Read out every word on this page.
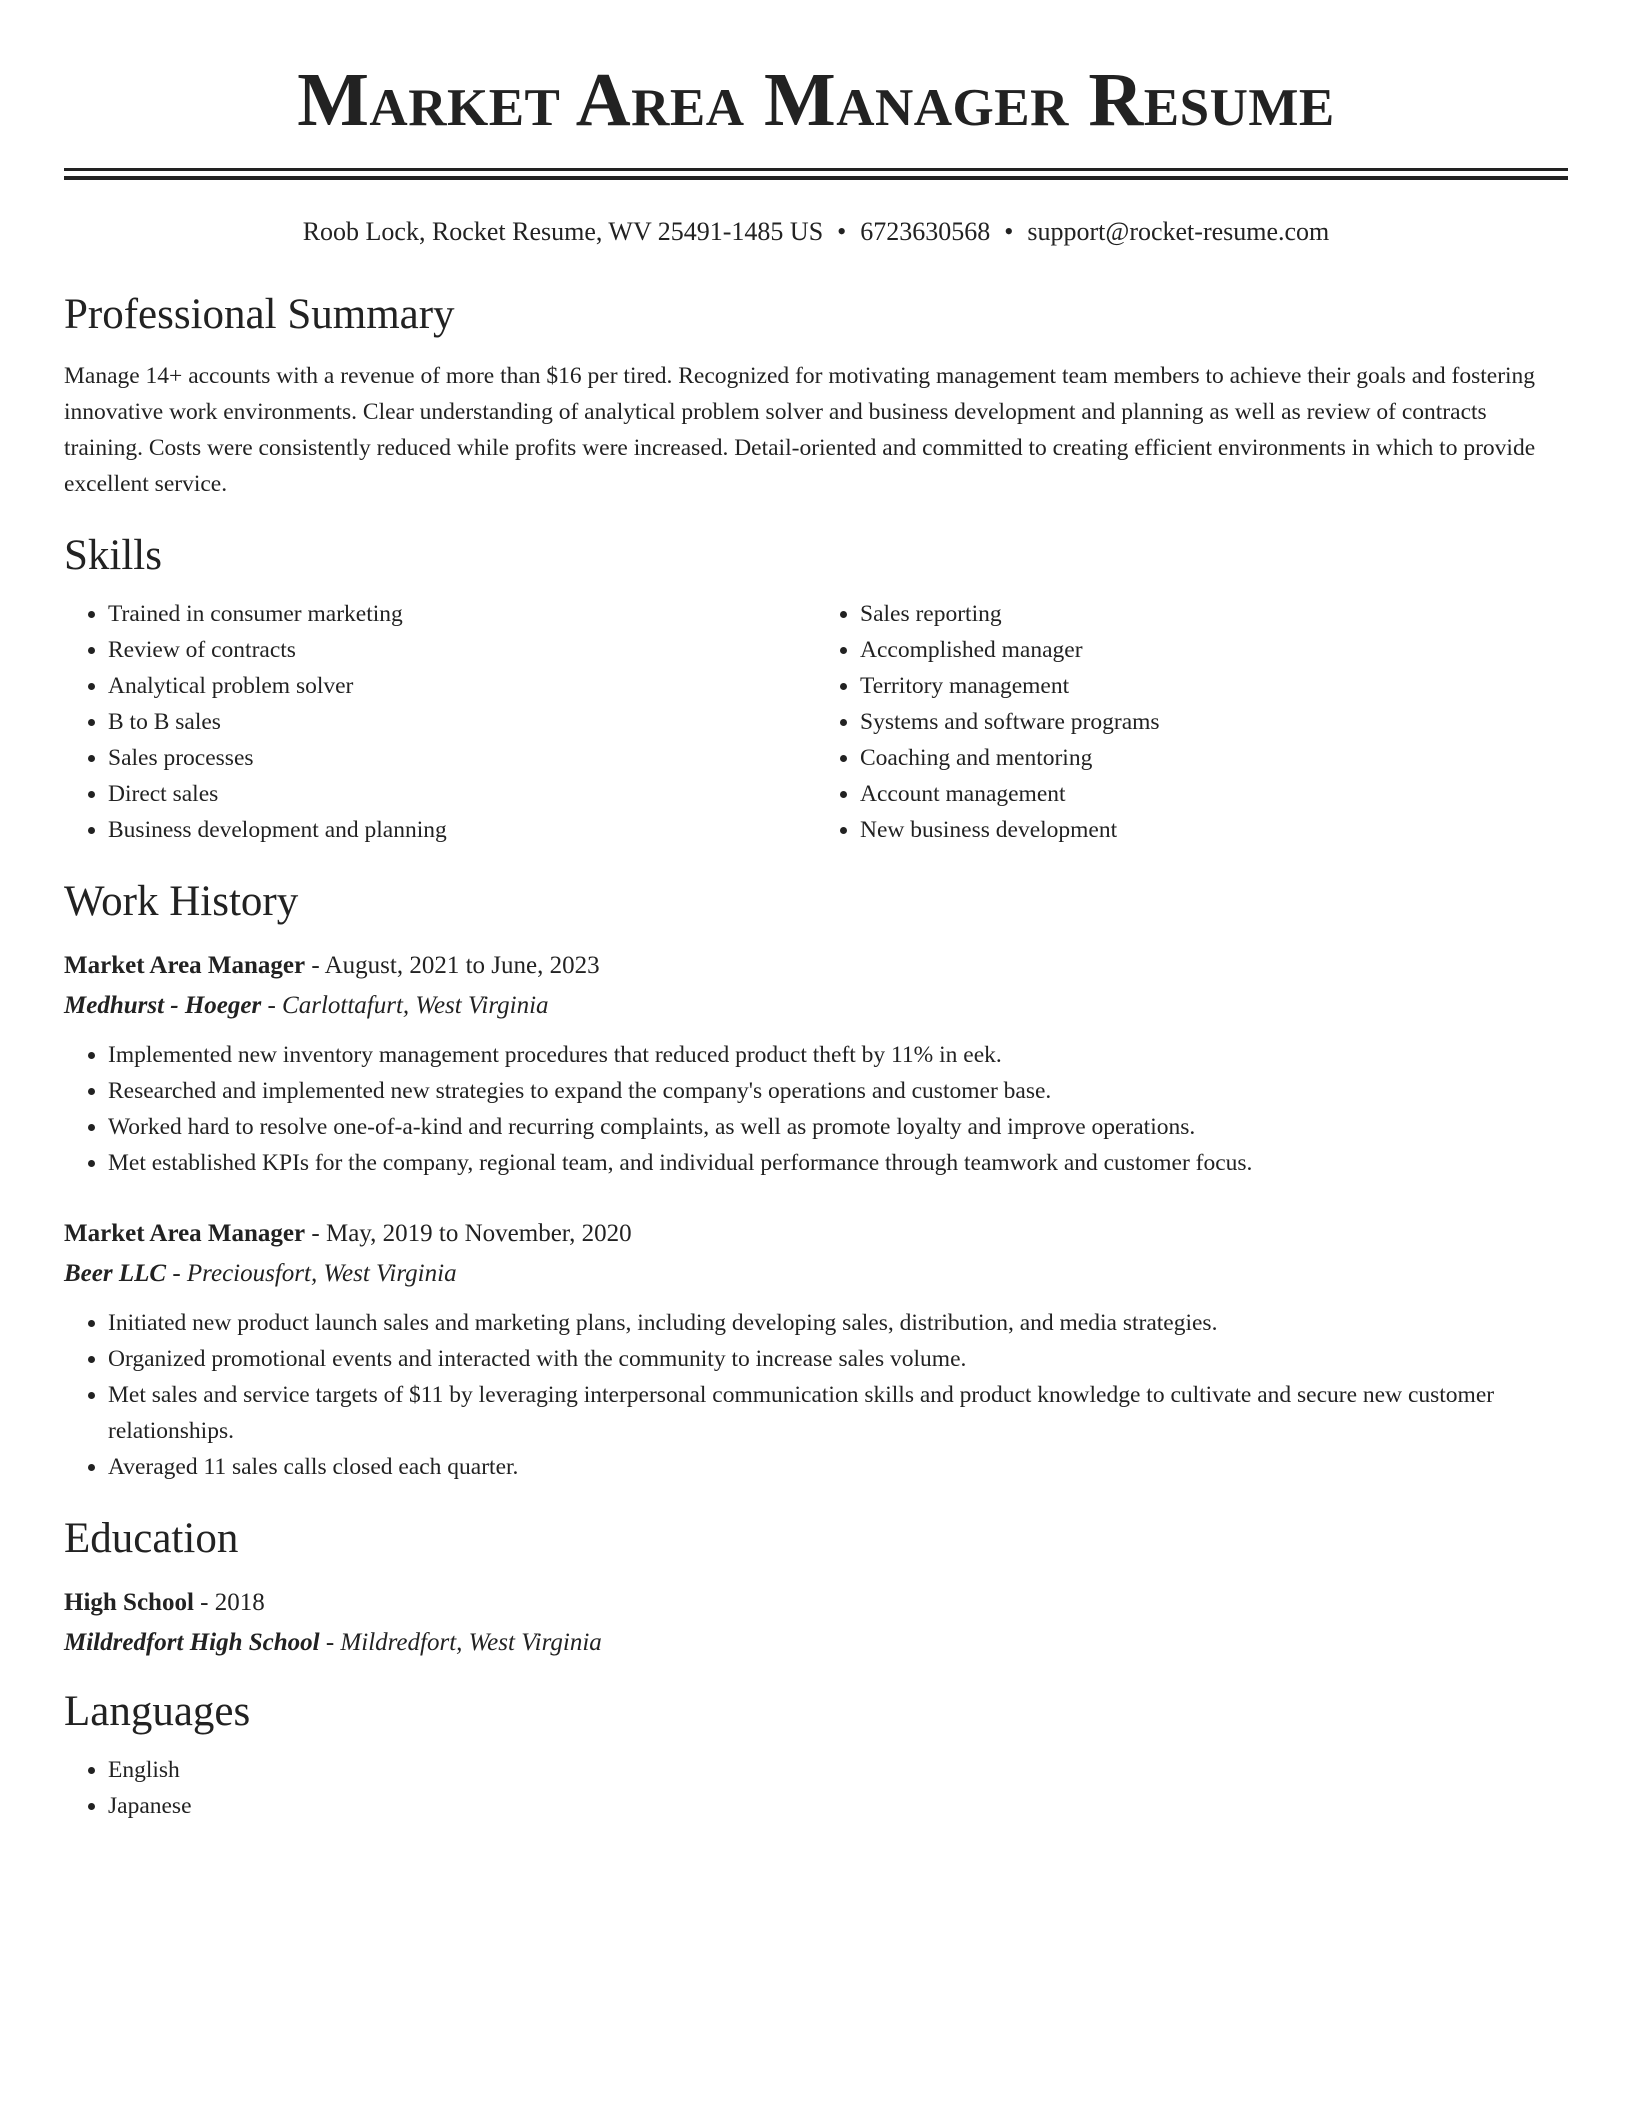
Market Area Manager Resume
Roob Lock, Rocket Resume, WV 25491-1485 US • 6723630568 • support@rocket-resume.com
Professional Summary

Manage 14+ accounts with a revenue of more than $16 per tired. Recognized for motivating management team members to achieve their goals and fostering innovative work environments. Clear understanding of analytical problem solver and business development and planning as well as review of contracts training. Costs were consistently reduced while profits were increased. Detail-oriented and committed to creating efficient environments in which to provide excellent service.

Skills
• Trained in consumer marketing
• Review of contracts
• Analytical problem solver
• B to B sales
• Sales processes
• Direct sales
• Business development and planning
• Sales reporting
• Accomplished manager
• Territory management
• Systems and software programs
• Coaching and mentoring
• Account management
• New business development
Work History
Market Area Manager - August, 2021 to June, 2023
Medhurst - Hoeger - Carlottafurt, West Virginia
• Implemented new inventory management procedures that reduced product theft by 11% in eek.
• Researched and implemented new strategies to expand the company's operations and customer base.
• Worked hard to resolve one-of-a-kind and recurring complaints, as well as promote loyalty and improve operations.
• Met established KPIs for the company, regional team, and individual performance through teamwork and customer focus.
Market Area Manager - May, 2019 to November, 2020
Beer LLC - Preciousfort, West Virginia
• Initiated new product launch sales and marketing plans, including developing sales, distribution, and media strategies.
• Organized promotional events and interacted with the community to increase sales volume.
• Met sales and service targets of $11 by leveraging interpersonal communication skills and product knowledge to cultivate and secure new customer relationships.
• Averaged 11 sales calls closed each quarter.
Education
High School - 2018
Mildredfort High School - Mildredfort, West Virginia
Languages
• English
• Japanese
